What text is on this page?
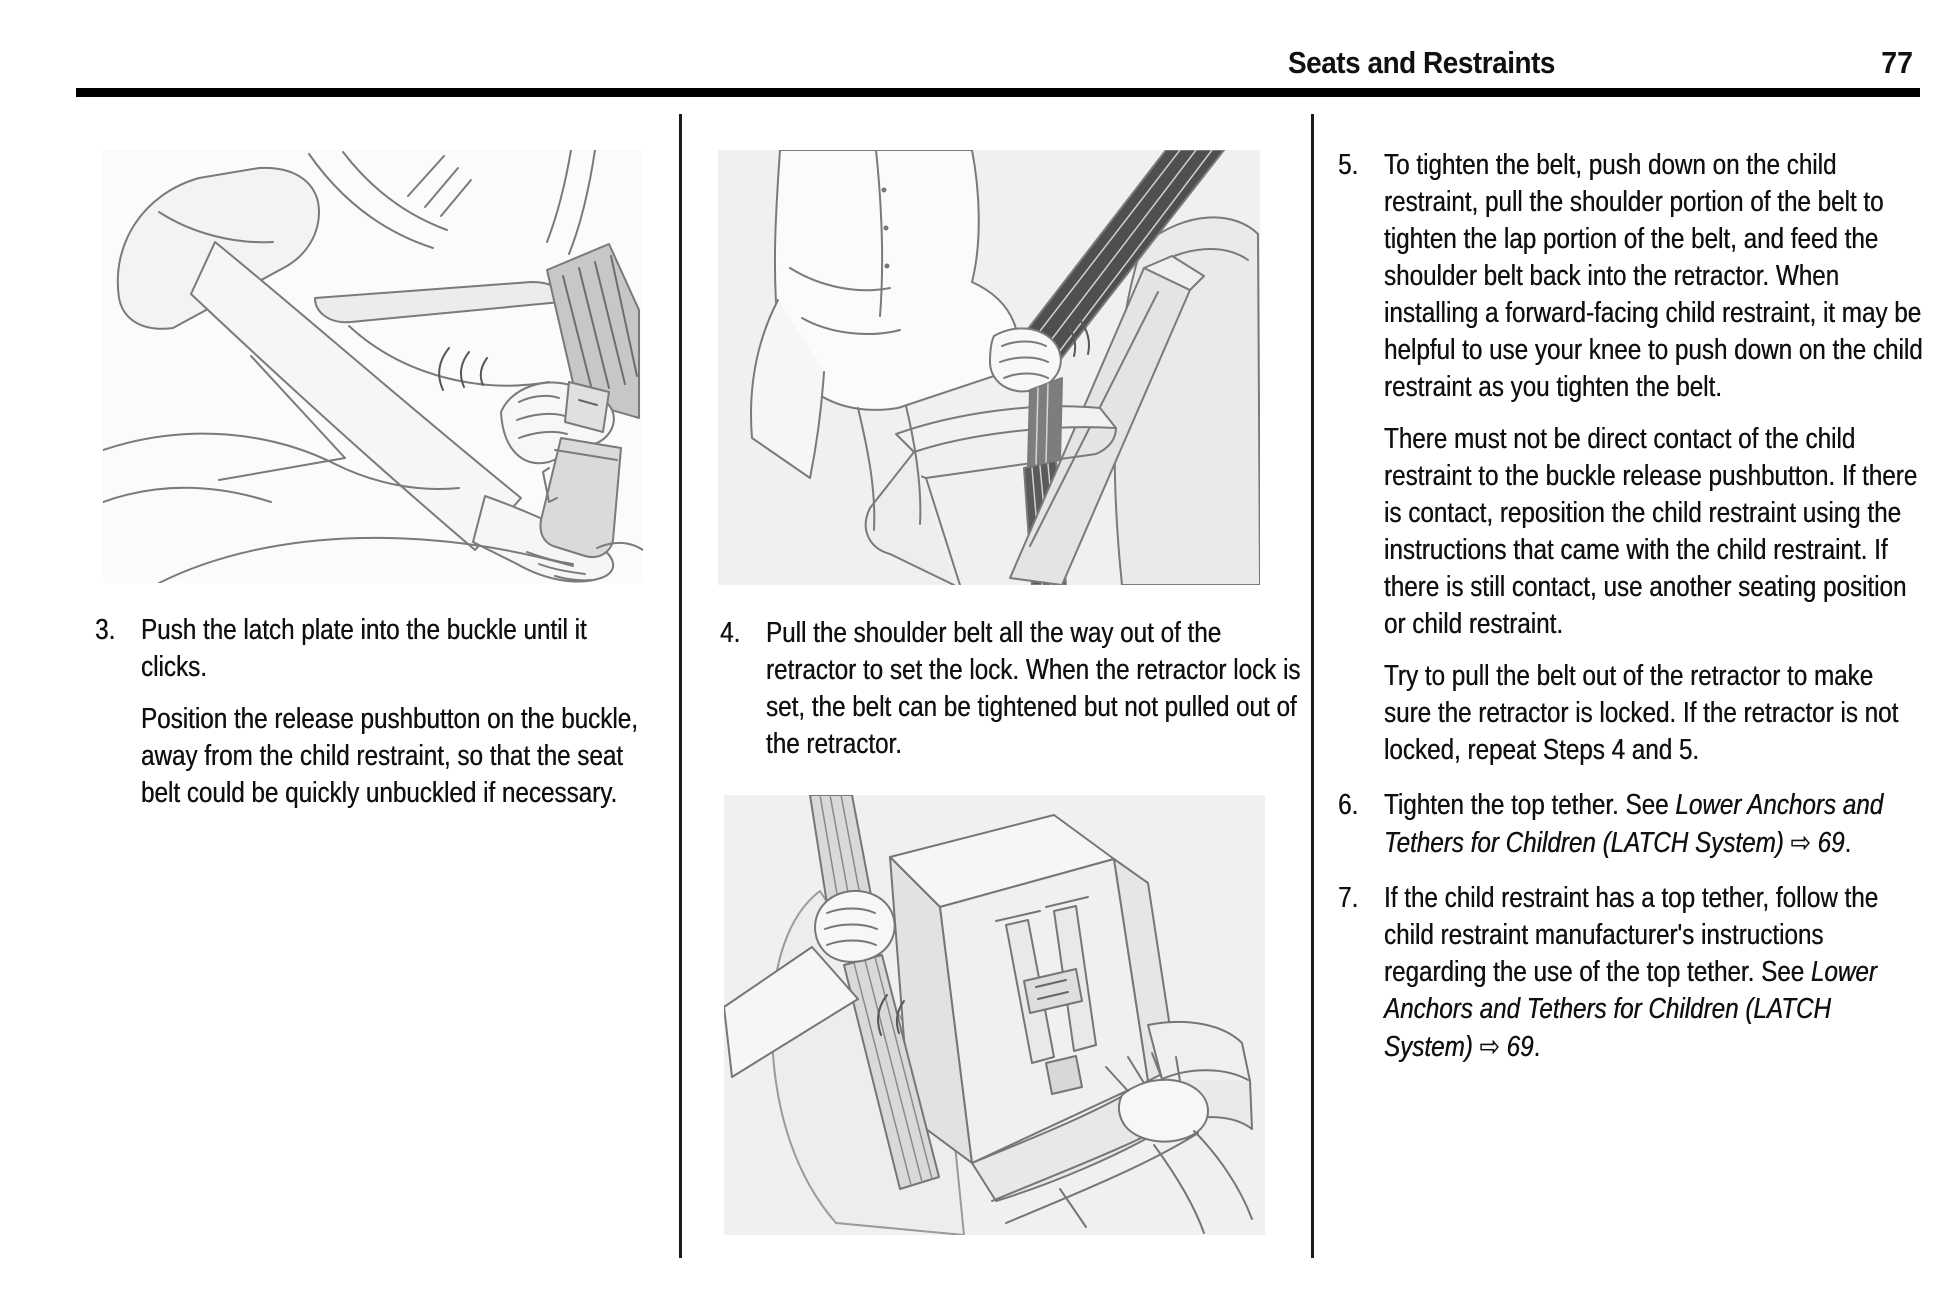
Seats and Restraints	77
3. Push the latch plate into the buckle until it clicks.

Position the release pushbutton on the buckle, away from the child restraint, so that the seat belt could be quickly unbuckled if necessary.

4. Pull the shoulder belt all the way out of the retractor to set the lock. When the retractor lock is set, the belt can be tightened but not pulled out of the retractor.

5. To tighten the belt, push down on the child restraint, pull the shoulder portion of the belt to tighten the lap portion of the belt, and feed the shoulder belt back into the retractor. When installing a forward-facing child restraint, it may be helpful to use your knee to push down on the child restraint as you tighten the belt.

There must not be direct contact of the child restraint to the buckle release pushbutton. If there is contact, reposition the child restraint using the instructions that came with the child restraint. If there is still contact, use another seating position or child restraint.

Try to pull the belt out of the retractor to make sure the retractor is locked. If the retractor is not locked, repeat Steps 4 and 5.

6. Tighten the top tether. See Lower Anchors and Tethers for Children (LATCH System) ⇨ 69.

7. If the child restraint has a top tether, follow the child restraint manufacturer's instructions regarding the use of the top tether. See Lower Anchors and Tethers for Children (LATCH System) ⇨ 69.
